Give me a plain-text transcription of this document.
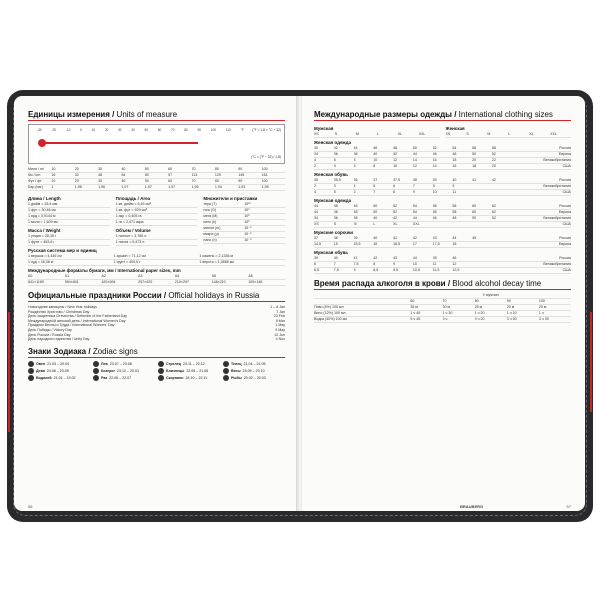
Единицы измерения / Units of measure
-30	-20	-10	0	10	20	30	40	50	60	70	80	90	100	110	°F	(°F = 1.8 × °C + 32)
(°C = (°F − 32) / 1,8)
Миля / mi	10	20	30	40	50	60	70	80	90	100
Км / km	16	32	48	64	80	97	113	129	145	161
Фут / фт	10	20	30	40	50	60	70	80	90	100
Бар (bar)	1	1,98	1,96	1,97	1,97	1,97	1,95	1,94	1,93	1,95
Длина / Length
1 дюйм = 25,4 мм
1 фут = 30,48 см
1 ярд = 0,9144 м
1 миля = 1,609 км
Масса / Weight
1 унция = 28,35 г
1 фунт = 453,6 г
Площадь / Area
1 кв. дюйм = 6,45 см²
1 кв. фут = 929 см²
1 акр = 0,405 га
1 га = 2,471 акра
Объем / Volume
1 галлон = 3,785 л
1 пинта = 0,473 л
Множители и приставки
тера (T)	10¹²
гига (G)	10⁹
мега (M)	10⁶
кило (k)	10³
милли (m)	10⁻³
микро (µ)	10⁻⁶
нано (n)	10⁻⁹
Русская система мер и единиц
1 вершок = 4,445 см	1 аршин = 71,12 см	1 сажень = 2,1336 м
1 пуд = 16,38 кг	1 фунт = 409,5 г	1 верста = 1,0668 км
Международные форматы бумаги, мм / International paper sizes, mm
A0	A1	A2	A3	A4	A5	A6
841×1189	594×841	420×594	297×420	210×297	148×210	105×148
Официальные праздники России / Official holidays in Russia
Новогодние каникулы / New Year holidays	1 – 8 Jan
Рождество Христово / Christmas Day	7 Jan
День защитника Отечества / Defender of the Fatherland Day	23 Feb
Международный женский день / International Women's Day	8 Mar
Праздник Весны и Труда / International Workers' Day	1 May
День Победы / Victory Day	9 May
День России / Russia Day	12 Jun
День народного единства / Unity Day	4 Nov
Знаки Зодиака / Zodiac signs
Овен 21.03 – 20.04	Лев 23.07 – 23.08	Стрелец 23.11 – 22.12	Телец 21.04 – 21.05
Дева 24.08 – 23.09	Козерог 23.12 – 20.01	Близнецы 22.05 – 21.06	Весы 24.09 – 23.10
Водолей 21.01 – 19.02	Рак 22.06 – 22.07	Скорпион 24.10 – 22.11	Рыбы 20.02 – 20.03
56
Международные размеры одежды / International clothing sizes
Мужская
XS	S	M	L	XL	XXL
Женская
XS	S	M	L	XL	XXL
Женская одежда
40	42	44	46	48	50	52	54	56	58	Россия
34	36	38	40	42	44	46	48	50	52	Европа
4	6	8	10	12	14	16	18	20	22	Великобритания
2	4	6	8	10	12	14	16	18	20	США
Женская обувь
35	35,5	36	37	37,5	38	39	40	41	42	Россия
2	3	4	5	6	7	8	9	Великобритания
4	5	6	7	8	9	10	11	США
Мужская одежда
44	46	48	50	52	54	56	58	60	62	Россия
44	46	48	50	52	54	56	58	60	62	Европа
34	36	38	40	42	44	46	48	50	52	Великобритания
XS	S	M	L	XL	XXL	США
Мужские сорочки
37	38	39	40	41	42	43	44	45	Россия
14,5	15	15,5	16	16,5	17	17,5	18	Европа
Мужская обувь
39	40	41	42	43	44	45	46	Россия
6	7	7,5	8	9	10	11	12	Великобритания
6,5	7,5	8	8,5	9,5	10,5	11,5	12,5	США
Время распада алкоголя в крови / Blood alcohol decay time
У мужчин
60	70	80	90	100
Пиво (4%) 100 мл	35 м	30 м	25 м	20 м	20 м
Вино (12%) 100 мл	1 ч 45	1 ч 30	1 ч 20	1 ч 10	1 ч
Водка (40%) 100 мл	5 ч 45	5 ч	4 ч 20	3 ч 50	3 ч 30
BRAUBERG	57
